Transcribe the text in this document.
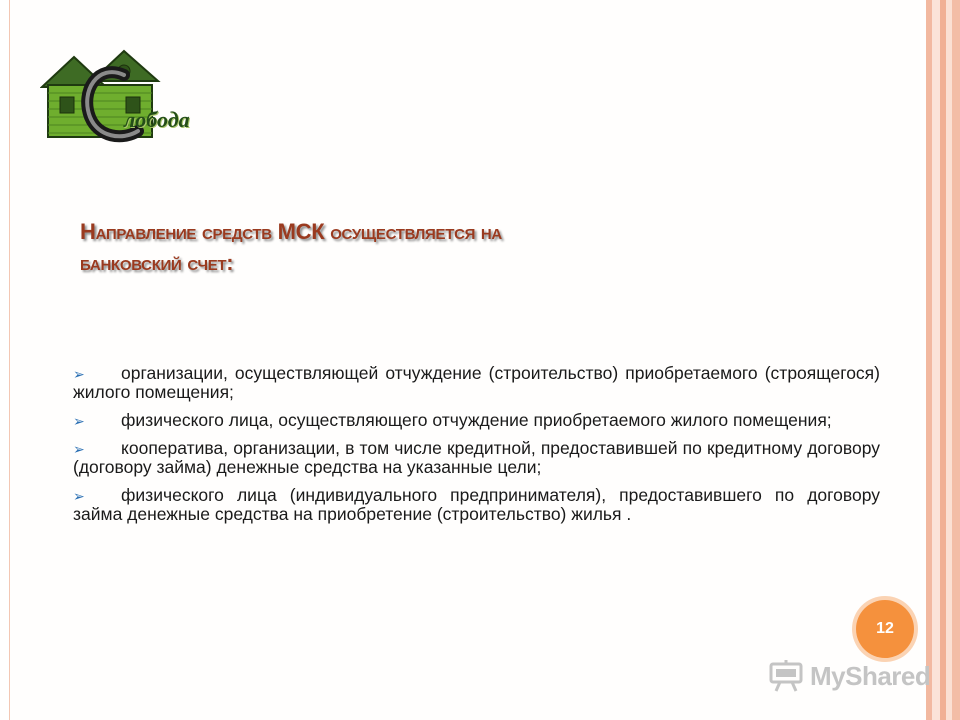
лобода
Направление средств МСК осуществляется на
банковский счет:
➢ организации, осуществляющей отчуждение (строительство) приобретаемого (строящегося) жилого помещения;
➢ физического лица, осуществляющего отчуждение приобретаемого жилого помещения;
➢ кооператива, организации, в том числе кредитной, предоставившей по кредитному договору (договору займа) денежные средства на указанные цели;
➢ физического лица (индивидуального предпринимателя), предоставившего по договору займа денежные средства на приобретение (строительство) жилья .
12
MyShared
